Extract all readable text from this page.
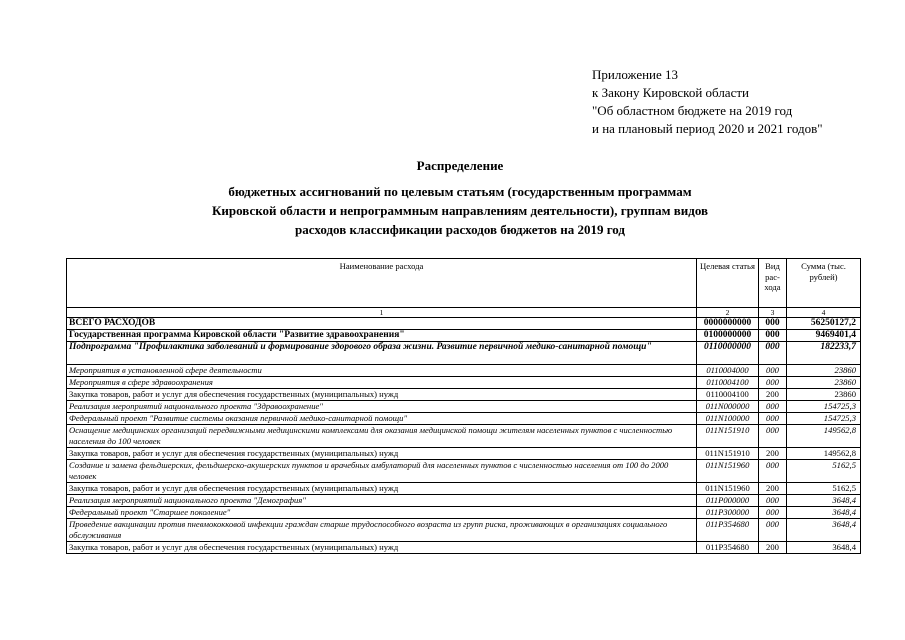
Приложение 13
к Закону Кировской области
"Об областном бюджете на 2019 год
и на плановый период 2020 и 2021 годов"
Распределение
бюджетных ассигнований по целевым статьям (государственным программам
Кировской области и непрограммным направлениям деятельности), группам видов
расходов классификации расходов бюджетов на 2019 год
Наименование расхода	Целевая статья	Вид рас-хода	Сумма (тыс. рублей)
1	2	3	4
ВСЕГО РАСХОДОВ	0000000000	000	56250127,2
Государственная программа Кировской области "Развитие здравоохранения"	0100000000	000	9469401,4
Подпрограмма "Профилактика заболеваний и формирование здорового образа жизни. Развитие первичной медико-санитарной помощи"	0110000000	000	182233,7
Мероприятия в установленной сфере деятельности	0110004000	000	23860
Мероприятия в сфере здравоохранения	0110004100	000	23860
Закупка товаров, работ и услуг для обеспечения государственных (муниципальных) нужд	0110004100	200	23860
Реализация мероприятий национального проекта "Здравоохранение"	011N000000	000	154725,3
Федеральный проект "Развитие системы оказания первичной медико-санитарной помощи"	011N100000	000	154725,3
Оснащение медицинских организаций передвижными медицинскими комплексами для оказания медицинской помощи жителям населенных пунктов с численностью населения до 100 человек	011N151910	000	149562,8
Закупка товаров, работ и услуг для обеспечения государственных (муниципальных) нужд	011N151910	200	149562,8
Создание и замена фельдшерских, фельдшерско-акушерских пунктов и врачебных амбулаторий для населенных пунктов с численностью населения от 100 до 2000 человек	011N151960	000	5162,5
Закупка товаров, работ и услуг для обеспечения государственных (муниципальных) нужд	011N151960	200	5162,5
Реализация мероприятий национального проекта "Демография"	011P000000	000	3648,4
Федеральный проект "Старшее поколение"	011P300000	000	3648,4
Проведение вакцинации против пневмококковой инфекции граждан старше трудоспособного возраста из групп риска, проживающих в организациях социального обслуживания	011P354680	000	3648,4
Закупка товаров, работ и услуг для обеспечения государственных (муниципальных) нужд	011P354680	200	3648,4
